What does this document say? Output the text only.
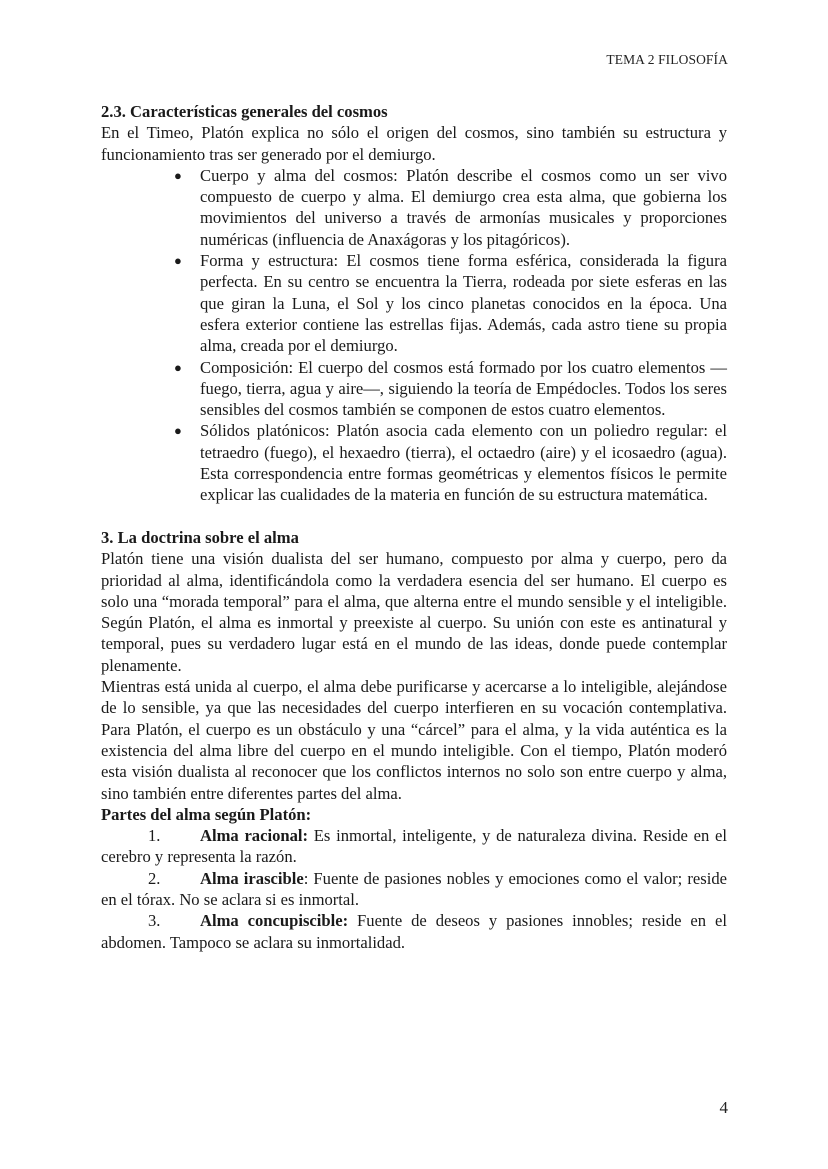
TEMA 2 FILOSOFÍA
2.3. Características generales del cosmos

En el Timeo, Platón explica no sólo el origen del cosmos, sino también su estructura y funcionamiento tras ser generado por el demiurgo.

● Cuerpo y alma del cosmos: Platón describe el cosmos como un ser vivo compuesto de cuerpo y alma. El demiurgo crea esta alma, que gobierna los movimientos del universo a través de armonías musicales y proporciones numéricas (influencia de Anaxágoras y los pitagóricos).
● Forma y estructura: El cosmos tiene forma esférica, considerada la figura perfecta. En su centro se encuentra la Tierra, rodeada por siete esferas en las que giran la Luna, el Sol y los cinco planetas conocidos en la época. Una esfera exterior contiene las estrellas fijas. Además, cada astro tiene su propia alma, creada por el demiurgo.
● Composición: El cuerpo del cosmos está formado por los cuatro elementos —fuego, tierra, agua y aire—, siguiendo la teoría de Empédocles. Todos los seres sensibles del cosmos también se componen de estos cuatro elementos.
● Sólidos platónicos: Platón asocia cada elemento con un poliedro regular: el tetraedro (fuego), el hexaedro (tierra), el octaedro (aire) y el icosaedro (agua). Esta correspondencia entre formas geométricas y elementos físicos le permite explicar las cualidades de la materia en función de su estructura matemática.
3. La doctrina sobre el alma

Platón tiene una visión dualista del ser humano, compuesto por alma y cuerpo, pero da prioridad al alma, identificándola como la verdadera esencia del ser humano. El cuerpo es solo una “morada temporal” para el alma, que alterna entre el mundo sensible y el inteligible. Según Platón, el alma es inmortal y preexiste al cuerpo. Su unión con este es antinatural y temporal, pues su verdadero lugar está en el mundo de las ideas, donde puede contemplar plenamente.

Mientras está unida al cuerpo, el alma debe purificarse y acercarse a lo inteligible, alejándose de lo sensible, ya que las necesidades del cuerpo interfieren en su vocación contemplativa. Para Platón, el cuerpo es un obstáculo y una “cárcel” para el alma, y la vida auténtica es la existencia del alma libre del cuerpo en el mundo inteligible. Con el tiempo, Platón moderó esta visión dualista al reconocer que los conflictos internos no solo son entre cuerpo y alma, sino también entre diferentes partes del alma.

Partes del alma según Platón:

1. Alma racional: Es inmortal, inteligente, y de naturaleza divina. Reside en el cerebro y representa la razón.

2. Alma irascible: Fuente de pasiones nobles y emociones como el valor; reside en el tórax. No se aclara si es inmortal.

3. Alma concupiscible: Fuente de deseos y pasiones innobles; reside en el abdomen. Tampoco se aclara su inmortalidad.

4
